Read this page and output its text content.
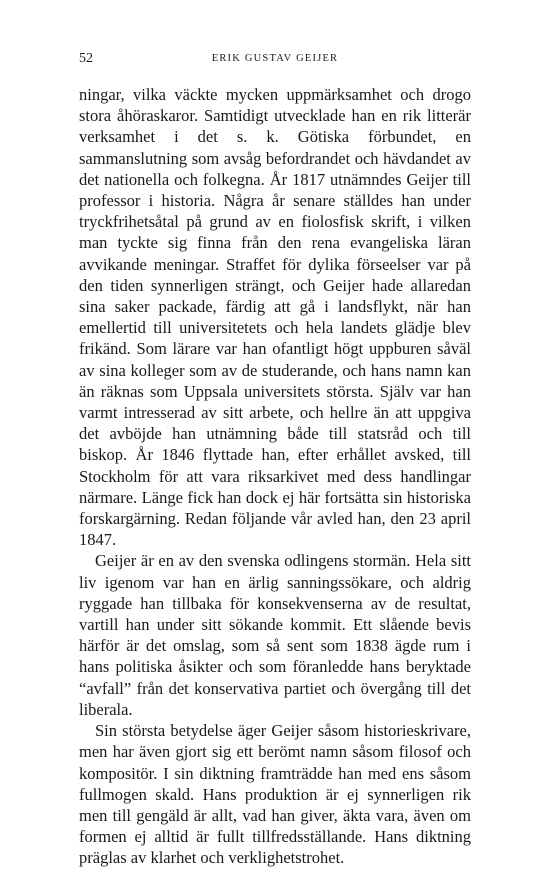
52	ERIK GUSTAV GEIJER

ningar, vilka väckte mycken uppmärksamhet och drogo stora åhöraskaror. Samtidigt utvecklade han en rik litterär verksamhet i det s. k. Götiska förbundet, en sammanslutning som avsåg befordrandet och hävdandet av det nationella och folkegna. År 1817 utnämndes Geijer till professor i historia. Några år senare ställdes han under tryckfrihetsåtal på grund av en fiolosfisk skrift, i vilken man tyckte sig finna från den rena evangeliska läran avvikande meningar. Straffet för dylika förseelser var på den tiden synnerligen strängt, och Geijer hade allaredan sina saker packade, färdig att gå i landsflykt, när han emellertid till universitetets och hela landets glädje blev frikänd. Som lärare var han ofantligt högt uppburen såväl av sina kolleger som av de studerande, och hans namn kan än räknas som Uppsala universitets största. Själv var han varmt intresserad av sitt arbete, och hellre än att uppgiva det avböjde han utnämning både till statsråd och till biskop. År 1846 flyttade han, efter erhållet avsked, till Stockholm för att vara riksarkivet med dess handlingar närmare. Länge fick han dock ej här fortsätta sin historiska forskargärning. Redan följande vår avled han, den 23 april 1847.

Geijer är en av den svenska odlingens stormän. Hela sitt liv igenom var han en ärlig sanningssökare, och aldrig ryggade han tillbaka för konsekvenserna av de resultat, vartill han under sitt sökande kommit. Ett slående bevis härför är det omslag, som så sent som 1838 ägde rum i hans politiska åsikter och som föranledde hans beryktade “avfall” från det konservativa partiet och övergång till det liberala.

Sin största betydelse äger Geijer såsom historieskrivare, men har även gjort sig ett berömt namn såsom filosof och kompositör. I sin diktning framträdde han med ens såsom fullmogen skald. Hans produktion är ej synnerligen rik men till gengäld är allt, vad han giver, äkta vara, även om formen ej alltid är fullt tillfredsställande. Hans diktning präglas av klarhet och verklighetstrohet.
